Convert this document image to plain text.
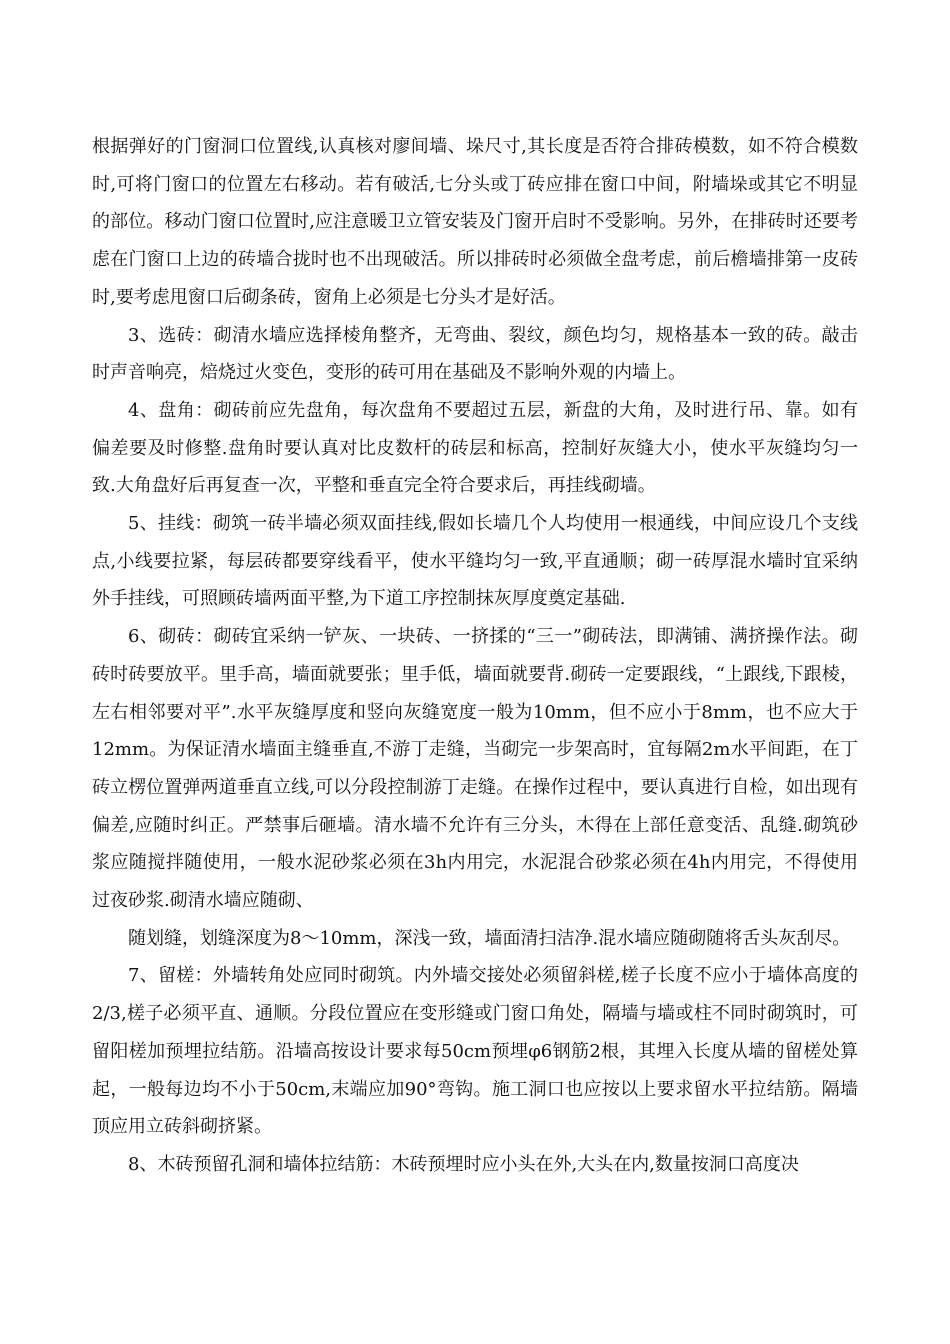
根据弹好的门窗洞口位置线,认真核对廖间墙、垛尺寸,其长度是否符合排砖模数，如不符合模数时,可将门窗口的位置左右移动。若有破活,七分头或丁砖应排在窗口中间，附墙垛或其它不明显的部位。移动门窗口位置时,应注意暖卫立管安装及门窗开启时不受影响。另外，在排砖时还要考虑在门窗口上边的砖墙合拢时也不出现破活。所以排砖时必须做全盘考虑，前后檐墙排第一皮砖时,要考虑甩窗口后砌条砖，窗角上必须是七分头才是好活。

3、选砖：砌清水墙应选择棱角整齐，无弯曲、裂纹，颜色均匀，规格基本一致的砖。敲击时声音响亮，焙烧过火变色，变形的砖可用在基础及不影响外观的内墙上。

4、盘角：砌砖前应先盘角，每次盘角不要超过五层，新盘的大角，及时进行吊、靠。如有偏差要及时修整.盘角时要认真对比皮数杆的砖层和标高，控制好灰缝大小，使水平灰缝均匀一致.大角盘好后再复查一次，平整和垂直完全符合要求后，再挂线砌墙。

5、挂线：砌筑一砖半墙必须双面挂线,假如长墙几个人均使用一根通线，中间应设几个支线点,小线要拉紧，每层砖都要穿线看平，使水平缝均匀一致,平直通顺；砌一砖厚混水墙时宜采纳外手挂线，可照顾砖墙两面平整,为下道工序控制抹灰厚度奠定基础.

6、砌砖：砌砖宜采纳一铲灰、一块砖、一挤揉的“三一”砌砖法，即满铺、满挤操作法。砌砖时砖要放平。里手高，墙面就要张；里手低，墙面就要背.砌砖一定要跟线，“上跟线,下跟棱，左右相邻要对平”.水平灰缝厚度和竖向灰缝宽度一般为10mm，但不应小于8mm，也不应大于12mm。为保证清水墙面主缝垂直,不游丁走缝，当砌完一步架高时，宜每隔2m水平间距，在丁砖立楞位置弹两道垂直立线,可以分段控制游丁走缝。在操作过程中，要认真进行自检，如出现有偏差,应随时纠正。严禁事后砸墙。清水墙不允许有三分头，木得在上部任意变活、乱缝.砌筑砂浆应随搅拌随使用，一般水泥砂浆必须在3h内用完，水泥混合砂浆必须在4h内用完，不得使用过夜砂浆.砌清水墙应随砌、

随划缝，划缝深度为8～10mm，深浅一致，墙面清扫洁净.混水墙应随砌随将舌头灰刮尽。

7、留槎：外墙转角处应同时砌筑。内外墙交接处必须留斜槎,槎子长度不应小于墙体高度的2/3,槎子必须平直、通顺。分段位置应在变形缝或门窗口角处，隔墙与墙或柱不同时砌筑时，可留阳槎加预埋拉结筋。沿墙高按设计要求每50cm预埋φ6钢筋2根，其埋入长度从墙的留槎处算起，一般每边均不小于50cm,末端应加90°弯钩。施工洞口也应按以上要求留水平拉结筋。隔墙顶应用立砖斜砌挤紧。

8、木砖预留孔洞和墙体拉结筋：木砖预埋时应小头在外,大头在内,数量按洞口高度决
